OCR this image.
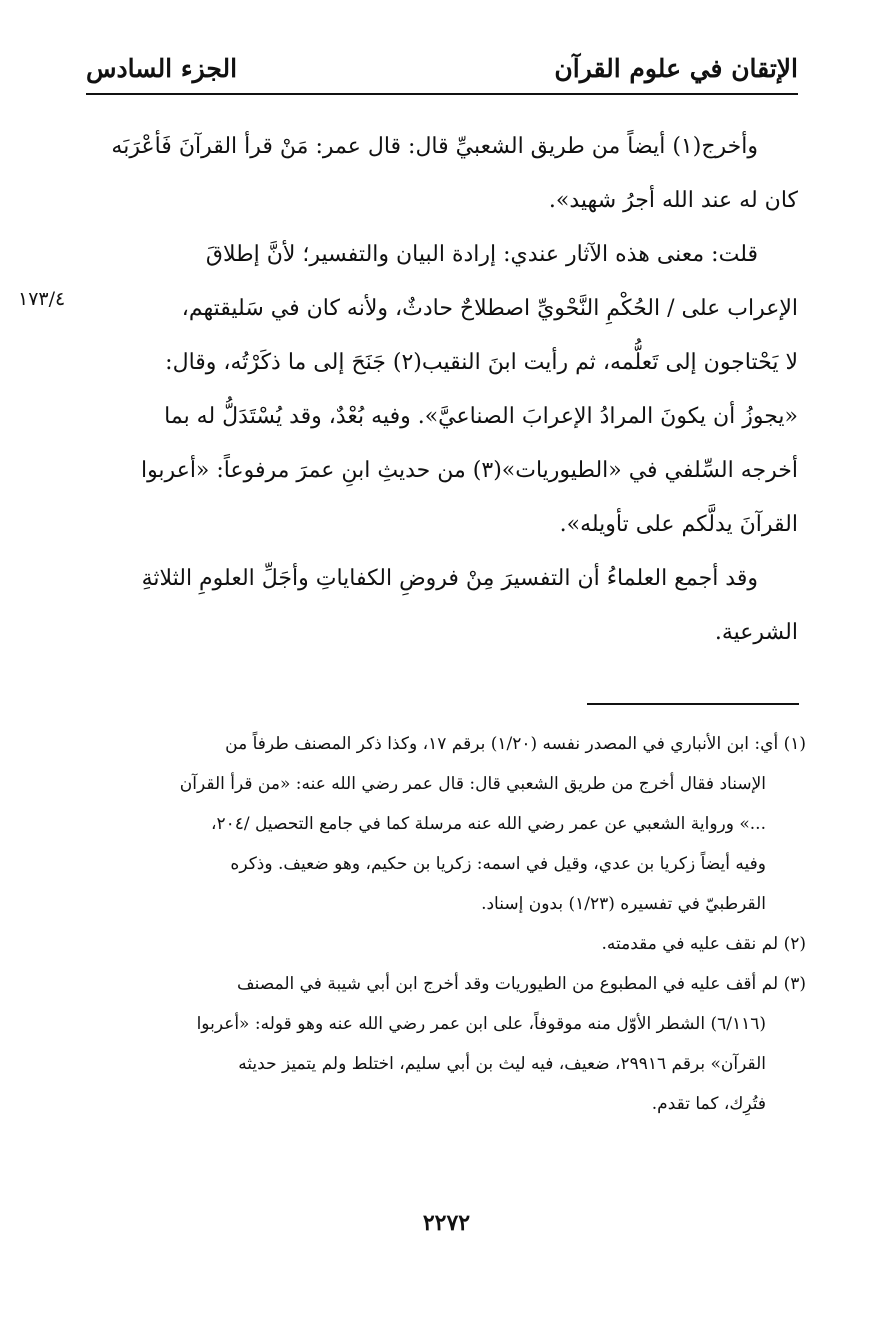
الإتقان في علوم القرآن
الجزء السادس
وأخرج(١) أيضاً من طريق الشعبيِّ قال: قال عمر: مَنْ قرأ القرآنَ فَأعْرَبَه
كان له عند الله أجرُ شهيد».
قلت: معنى هذه الآثار عندي: إرادة البيان والتفسير؛ لأنَّ إطلاقَ
الإعراب على / الحُكْمِ النَّحْويِّ اصطلاحٌ حادثٌ، ولأنه كان في سَليقتهم،
لا يَحْتاجون إلى تَعلُّمه، ثم رأيت ابنَ النقيب(٢) جَنَحَ إلى ما ذكَرْتُه، وقال:
«يجوزُ أن يكونَ المرادُ الإعرابَ الصناعيَّ». وفيه بُعْدٌ، وقد يُسْتَدَلُّ له بما
أخرجه السِّلفي في «الطيوريات»(٣) من حديثِ ابنِ عمرَ مرفوعاً: «أعربوا
القرآنَ يدلَّكم على تأويله».
وقد أجمع العلماءُ أن التفسيرَ مِنْ فروضِ الكفاياتِ وأجَلِّ العلومِ الثلاثةِ
الشرعية.
١٧٣/٤
(١) أي: ابن الأنباري في المصدر نفسه (١/٢٠) برقم ١٧، وكذا ذكر المصنف طرفاً من
الإسناد فقال أخرج من طريق الشعبي قال: قال عمر رضي الله عنه: «من قرأ القرآن
...» ورواية الشعبي عن عمر رضي الله عنه مرسلة كما في جامع التحصيل /٢٠٤،
وفيه أيضاً زكريا بن عدي، وقيل في اسمه: زكريا بن حكيم، وهو ضعيف. وذكره
القرطبيّ في تفسيره (١/٢٣) بدون إسناد.
(٢) لم نقف عليه في مقدمته.
(٣) لم أقف عليه في المطبوع من الطيوريات وقد أخرج ابن أبي شيبة في المصنف
(٦/١١٦) الشطر الأوّل منه موقوفاً، على ابن عمر رضي الله عنه وهو قوله: «أعربوا
القرآن» برقم ٢٩٩١٦، ضعيف، فيه ليث بن أبي سليم، اختلط ولم يتميز حديثه
فتُرِك، كما تقدم.
٢٢٧٢
